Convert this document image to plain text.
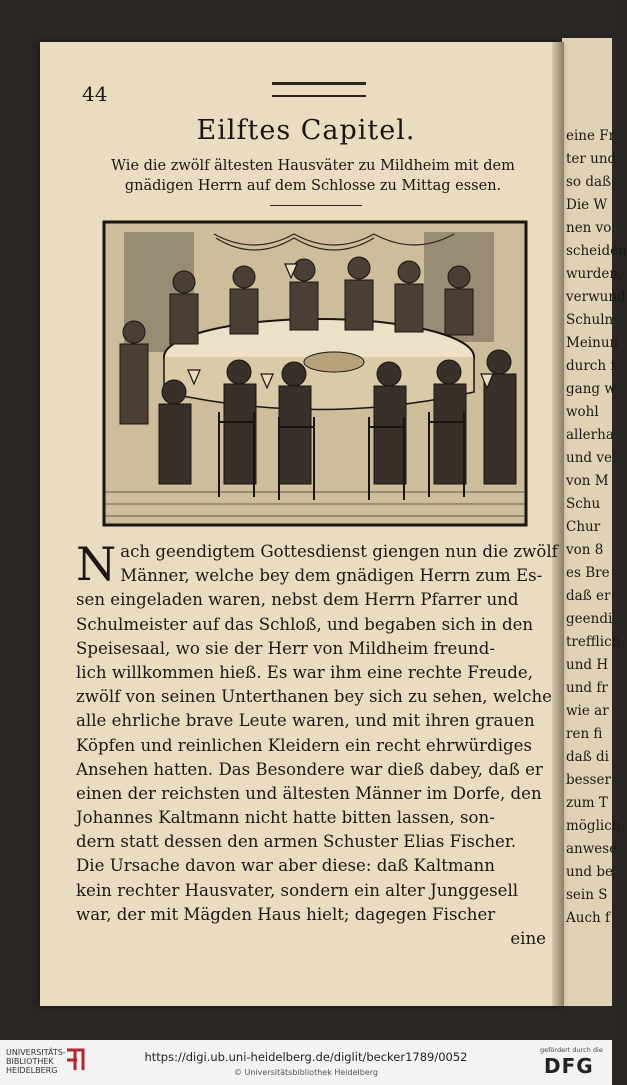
eine Fr
ter und
so daß
Die W
nen vo
scheiden
wurden,
verwund
Schuln
Meinun
durch i
gang w
wohl
allerha
und ve
von M
Schu
Chur
von 8
es Bre
daß er
geendi
trefflich
und H
und fr
wie ar
ren fi
daß di
besser
zum T
möglich
anwese
und be
sein S
Auch f
44
Eilftes Capitel.
Wie die zwölf ältesten Hausväter zu Mildheim mit dem
gnädigen Herrn auf dem Schlosse zu Mittag essen.
Nach geendigtem Gottesdienst giengen nun die zwölf
Männer, welche bey dem gnädigen Herrn zum Es-
sen eingeladen waren, nebst dem Herrn Pfarrer und
Schulmeister auf das Schloß, und begaben sich in den
Speisesaal, wo sie der Herr von Mildheim freund-
lich willkommen hieß. Es war ihm eine rechte Freude,
zwölf von seinen Unterthanen bey sich zu sehen, welche
alle ehrliche brave Leute waren, und mit ihren grauen
Köpfen und reinlichen Kleidern ein recht ehrwürdiges
Ansehen hatten. Das Besondere war dieß dabey, daß er
einen der reichsten und ältesten Männer im Dorfe, den
Johannes Kaltmann nicht hatte bitten lassen, son-
dern statt dessen den armen Schuster Elias Fischer.
Die Ursache davon war aber diese: daß Kaltmann
kein rechter Hausvater, sondern ein alter Junggesell
war, der mit Mägden Haus hielt; dagegen Fischer
eine
UNIVERSITÄTS-
BIBLIOTHEK
HEIDELBERG
https://digi.ub.uni-heidelberg.de/diglit/becker1789/0052
© Universitätsbibliothek Heidelberg
gefördert durch die
DFG
